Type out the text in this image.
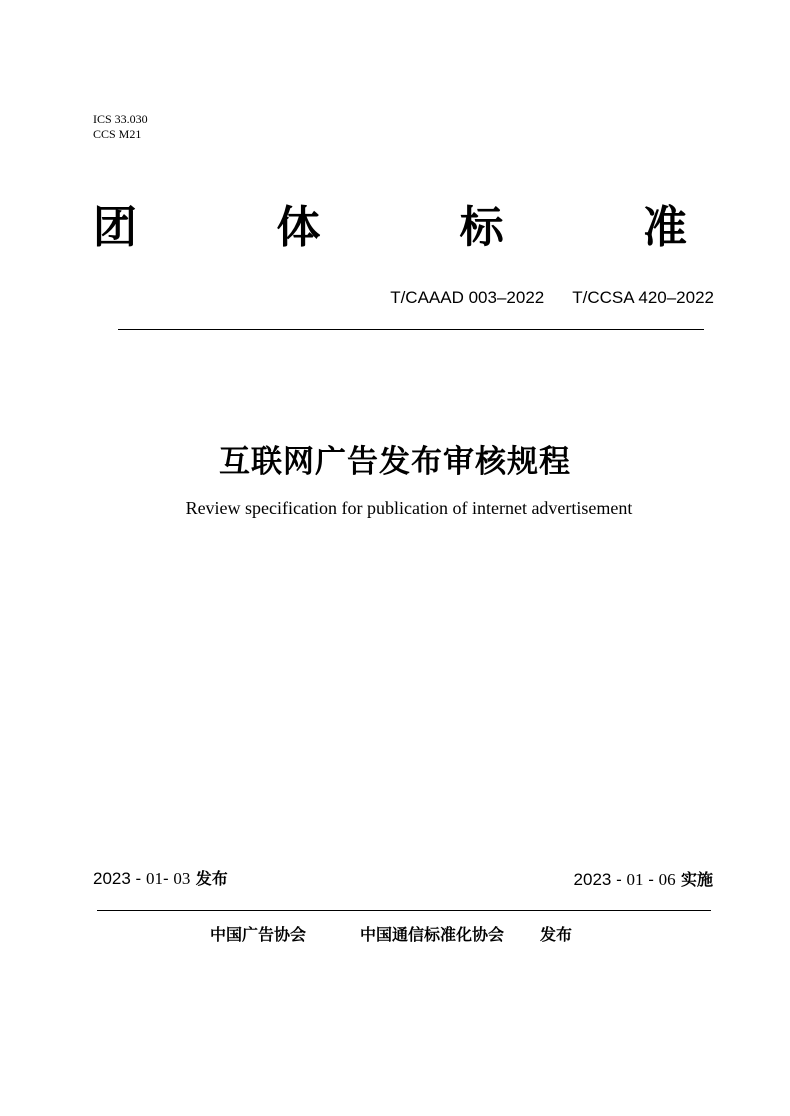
ICS 33.030
CCS M21
团	体	标	准
T/CAAAD 003–2022 T/CCSA 420–2022
互联网广告发布审核规程
Review specification for publication of internet advertisement
2023 - 01- 03 发布	2023 - 01 - 06 实施
中国广告协会	中国通信标准化协会 发布
